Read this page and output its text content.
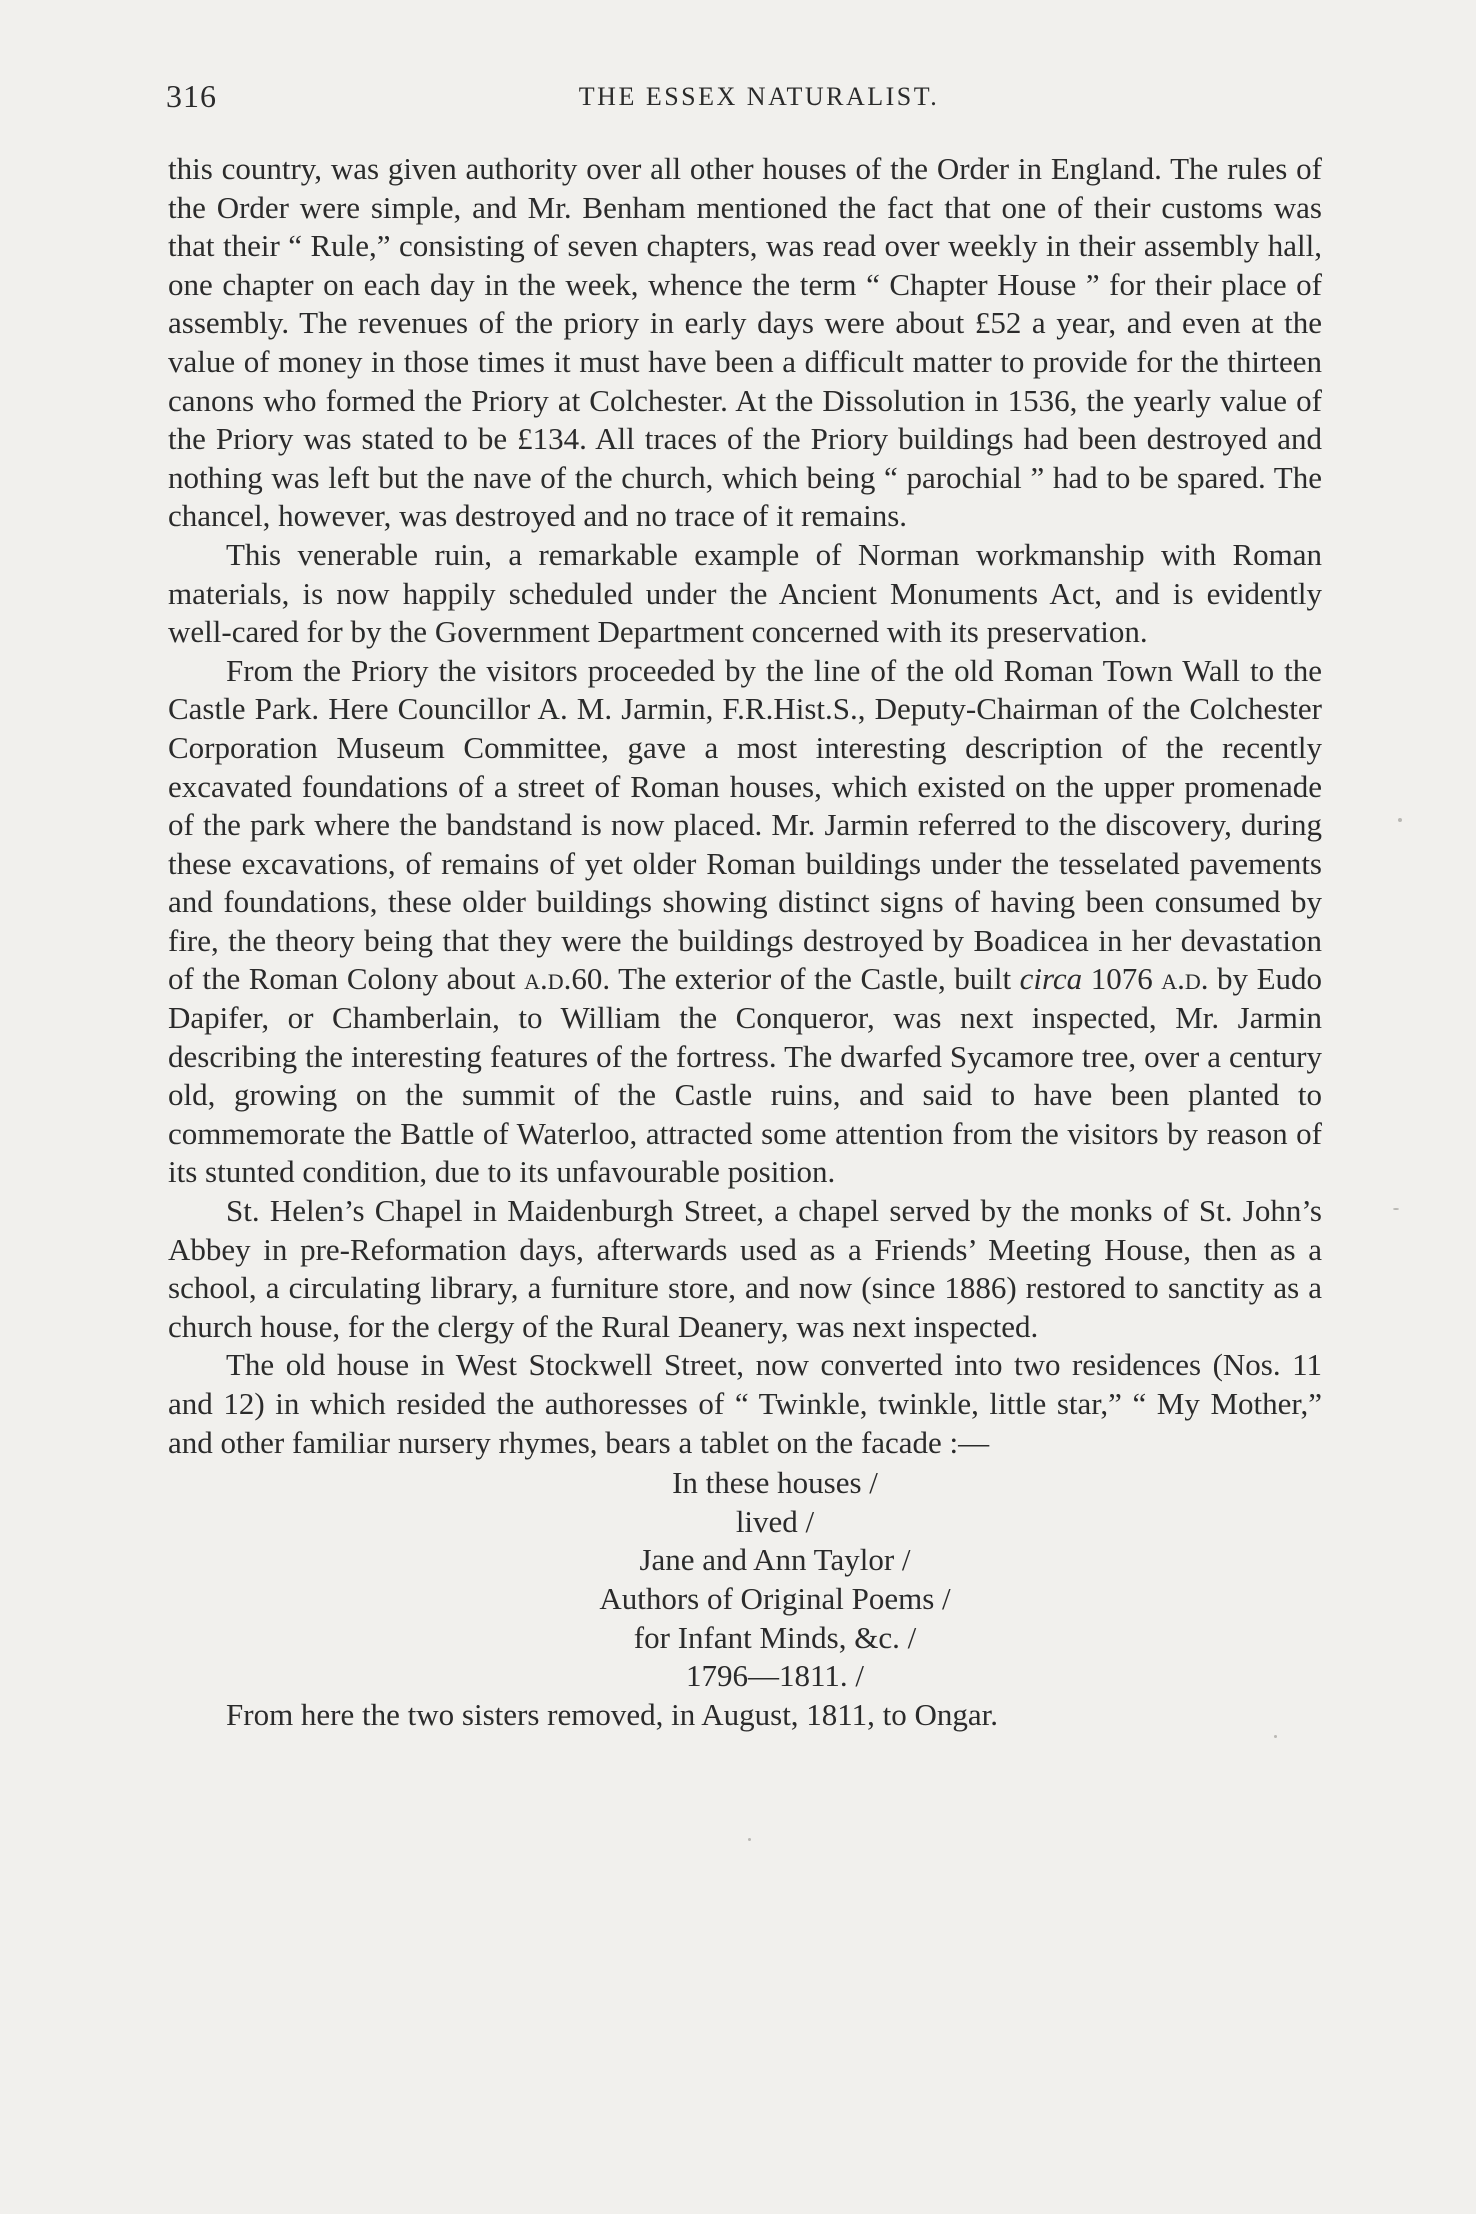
316	THE ESSEX NATURALIST.

this country, was given authority over all other houses of the Order in England. The rules of the Order were simple, and Mr. Benham mentioned the fact that one of their customs was that their “ Rule,” consisting of seven chapters, was read over weekly in their assembly hall, one chapter on each day in the week, whence the term “ Chapter House ” for their place of assembly. The revenues of the priory in early days were about £52 a year, and even at the value of money in those times it must have been a difficult matter to provide for the thirteen canons who formed the Priory at Colchester. At the Dissolution in 1536, the yearly value of the Priory was stated to be £134. All traces of the Priory buildings had been destroyed and nothing was left but the nave of the church, which being “ parochial ” had to be spared. The chancel, however, was destroyed and no trace of it remains.

This venerable ruin, a remarkable example of Norman workmanship with Roman materials, is now happily scheduled under the Ancient Monuments Act, and is evidently well-cared for by the Government Department concerned with its preservation.

From the Priory the visitors proceeded by the line of the old Roman Town Wall to the Castle Park. Here Councillor A. M. Jarmin, F.R.Hist.S., Deputy-Chairman of the Colchester Corporation Museum Committee, gave a most interesting description of the recently excavated foundations of a street of Roman houses, which existed on the upper promenade of the park where the bandstand is now placed. Mr. Jarmin referred to the discovery, during these excavations, of remains of yet older Roman buildings under the tesselated pavements and foundations, these older buildings showing distinct signs of having been consumed by fire, the theory being that they were the buildings destroyed by Boadicea in her devastation of the Roman Colony about a.d.60. The exterior of the Castle, built circa 1076 a.d. by Eudo Dapifer, or Chamberlain, to William the Conqueror, was next inspected, Mr. Jarmin describing the interesting features of the fortress. The dwarfed Sycamore tree, over a century old, growing on the summit of the Castle ruins, and said to have been planted to commemorate the Battle of Waterloo, attracted some attention from the visitors by reason of its stunted condition, due to its unfavourable position.

St. Helen’s Chapel in Maidenburgh Street, a chapel served by the monks of St. John’s Abbey in pre-Reformation days, afterwards used as a Friends’ Meeting House, then as a school, a circulating library, a furniture store, and now (since 1886) restored to sanctity as a church house, for the clergy of the Rural Deanery, was next inspected.

The old house in West Stockwell Street, now converted into two residences (Nos. 11 and 12) in which resided the authoresses of “ Twinkle, twinkle, little star,” “ My Mother,” and other familiar nursery rhymes, bears a tablet on the facade :—

In these houses /
lived /
Jane and Ann Taylor /
Authors of Original Poems /
for Infant Minds, &c. /
1796—1811. /

From here the two sisters removed, in August, 1811, to Ongar.
